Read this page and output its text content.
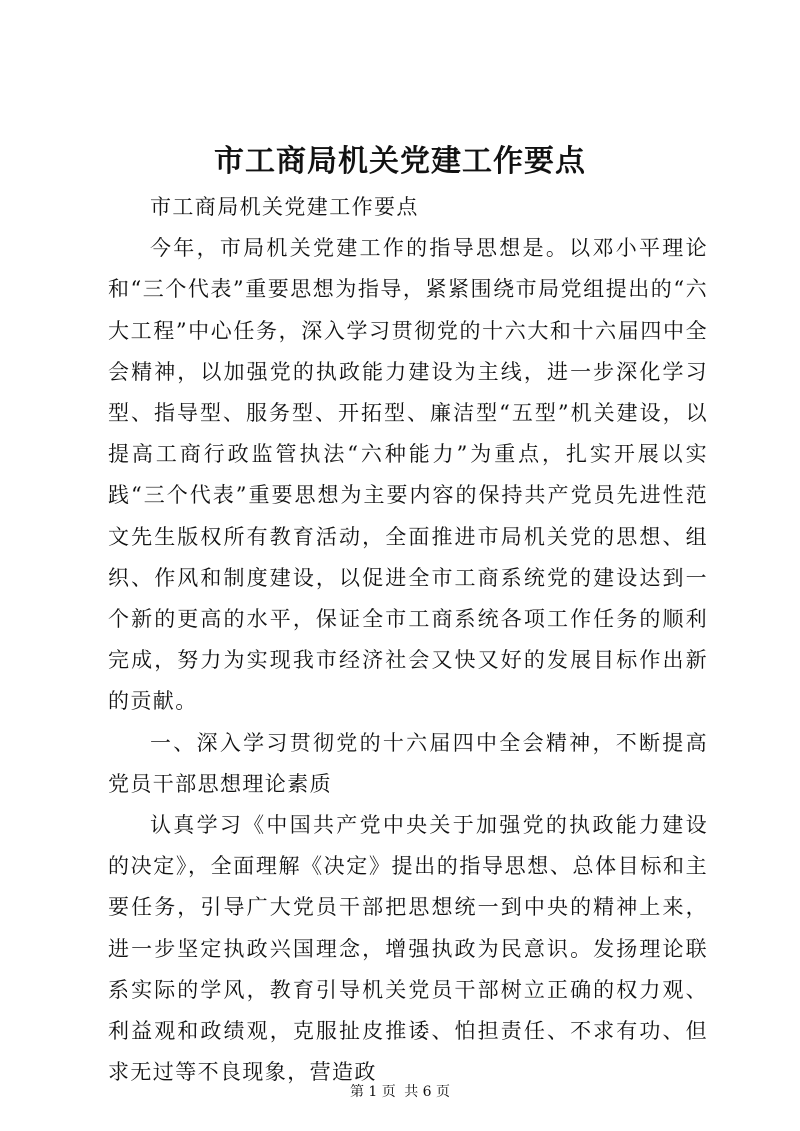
市工商局机关党建工作要点

市工商局机关党建工作要点

今年，市局机关党建工作的指导思想是。以邓小平理论和“三个代表”重要思想为指导，紧紧围绕市局党组提出的“六大工程”中心任务，深入学习贯彻党的十六大和十六届四中全会精神，以加强党的执政能力建设为主线，进一步深化学习型、指导型、服务型、开拓型、廉洁型“五型”机关建设，以提高工商行政监管执法“六种能力”为重点，扎实开展以实践“三个代表”重要思想为主要内容的保持共产党员先进性范文先生版权所有教育活动，全面推进市局机关党的思想、组织、作风和制度建设，以促进全市工商系统党的建设达到一个新的更高的水平，保证全市工商系统各项工作任务的顺利完成，努力为实现我市经济社会又快又好的发展目标作出新的贡献。

一、深入学习贯彻党的十六届四中全会精神，不断提高党员干部思想理论素质

认真学习《中国共产党中央关于加强党的执政能力建设的决定》，全面理解《决定》提出的指导思想、总体目标和主要任务，引导广大党员干部把思想统一到中央的精神上来，进一步坚定执政兴国理念，增强执政为民意识。发扬理论联系实际的学风，教育引导机关党员干部树立正确的权力观、利益观和政绩观，克服扯皮推诿、怕担责任、不求有功、但求无过等不良现象，营造政

第 1 页 共 6 页
